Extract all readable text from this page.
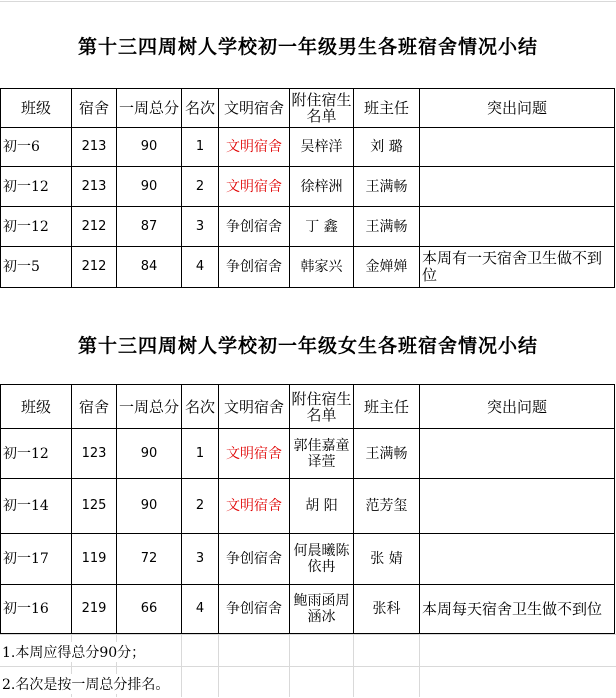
第十三四周树人学校初一年级男生各班宿舍情况小结
班级	宿舍	一周总分	名次	文明宿舍	附住宿生名单	班主任	突出问题
初一6	213	90	1	文明宿舍	吴梓洋	刘 璐	
初一12	213	90	2	文明宿舍	徐梓洲	王满畅	
初一12	212	87	3	争创宿舍	丁 鑫	王满畅	
初一5	212	84	4	争创宿舍	韩家兴	金婵婵	本周有一天宿舍卫生做不到位
第十三四周树人学校初一年级女生各班宿舍情况小结
班级	宿舍	一周总分	名次	文明宿舍	附住宿生名单	班主任	突出问题
初一12	123	90	1	文明宿舍	郭佳嘉童译萱	王满畅	
初一14	125	90	2	文明宿舍	胡 阳	范芳玺	
初一17	119	72	3	争创宿舍	何晨曦陈依冉	张 婧	
初一16	219	66	4	争创宿舍	鲍雨函周涵冰	张科	本周每天宿舍卫生做不到位
1.本周应得总分90分；
2.名次是按一周总分排名。
